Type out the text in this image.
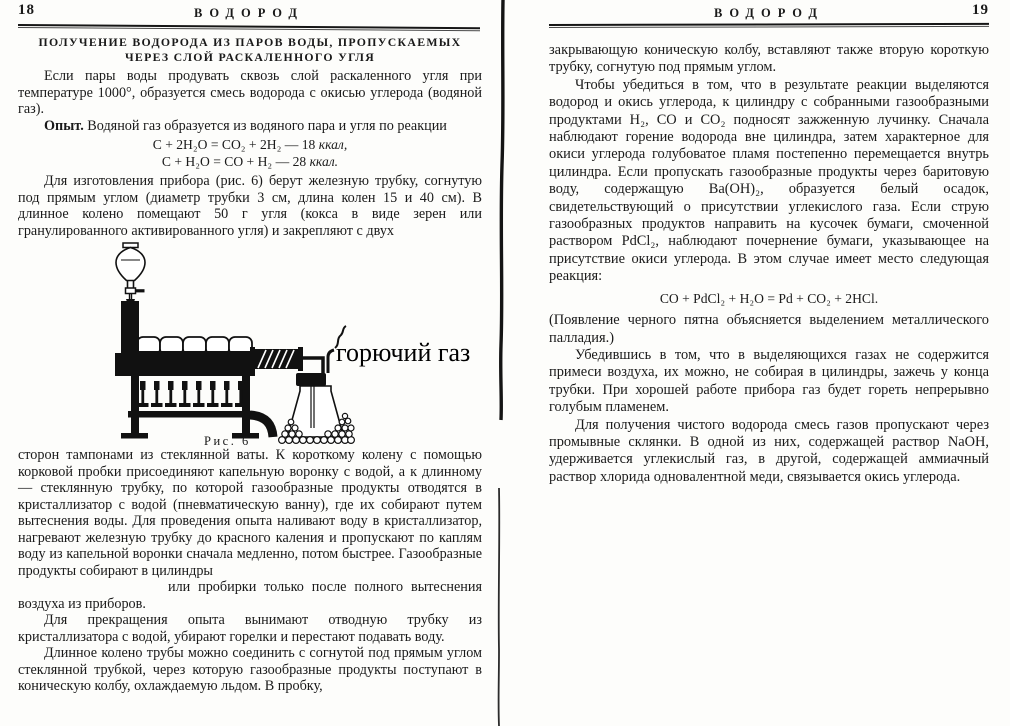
18	ВОДОРОД
ПОЛУЧЕНИЕ ВОДОРОДА ИЗ ПАРОВ ВОДЫ, ПРОПУСКАЕМЫХ
ЧЕРЕЗ СЛОЙ РАСКАЛЕННОГО УГЛЯ

Если пары воды продувать сквозь слой раскаленного угля при температуре 1000°, образуется смесь водорода с окисью углерода (водяной газ).

Опыт. Водяной газ образуется из водяного пара и угля по реакции

C + 2H₂O = CO₂ + 2H₂ — 18 ккал,
C + H₂O = CO + H₂ — 28 ккал.

Для изготовления прибора (рис. 6) берут железную трубку, согнутую под прямым углом (диаметр трубки 3 см, длина колен 15 и 40 см). В длинное колено помещают 50 г угля (кокса в виде зерен или гранулированного активированного угля) и закрепляют с двух

горючий газ
Рис. 6

сторон тампонами из стеклянной ваты. К короткому колену с помощью корковой пробки присоединяют капельную воронку с водой, а к длинному — стеклянную трубку, по которой газообразные продукты отводятся в кристаллизатор с водой (пневматическую ванну), где их собирают путем вытеснения воды. Для проведения опыта наливают воду в кристаллизатор, нагревают железную трубку до красного каления и пропускают по каплям воду из капельной воронки сначала медленно, потом быстрее. Газообразные продукты собирают в цилиндры

или пробирки только после полного вытеснения воздуха из приборов.

Для прекращения опыта вынимают отводную трубку из кристаллизатора с водой, убирают горелки и перестают подавать воду.

Длинное колено трубы можно соединить с согнутой под прямым углом стеклянной трубкой, через которую газообразные продукты поступают в коническую колбу, охлаждаемую льдом. В пробку,

19
ВОДОРОД

закрывающую коническую колбу, вставляют также вторую короткую трубку, согнутую под прямым углом.

Чтобы убедиться в том, что в результате реакции выделяются водород и окись углерода, к цилиндру с собранными газообразными продуктами H₂, CO и CO₂ подносят зажженную лучинку. Сначала наблюдают горение водорода вне цилиндра, затем характерное для окиси углерода голубоватое пламя постепенно перемещается внутрь цилиндра. Если пропускать газообразные продукты через баритовую воду, содержащую Ba(OH)₂, образуется белый осадок, свидетельствующий о присутствии углекислого газа. Если струю газообразных продуктов направить на кусочек бумаги, смоченной раствором PdCl₂, наблюдают почернение бумаги, указывающее на присутствие окиси углерода. В этом случае имеет место следующая реакция:

CO + PdCl₂ + H₂O = Pd + CO₂ + 2HCl.

(Появление черного пятна объясняется выделением металлического палладия.)

Убедившись в том, что в выделяющихся газах не содержится примеси воздуха, их можно, не собирая в цилиндры, зажечь у конца трубки. При хорошей работе прибора газ будет гореть непрерывно голубым пламенем.

Для получения чистого водорода смесь газов пропускают через промывные склянки. В одной из них, содержащей раствор NaOH, удерживается углекислый газ, в другой, содержащей аммиачный раствор хлорида одновалентной меди, связывается окись углерода.
